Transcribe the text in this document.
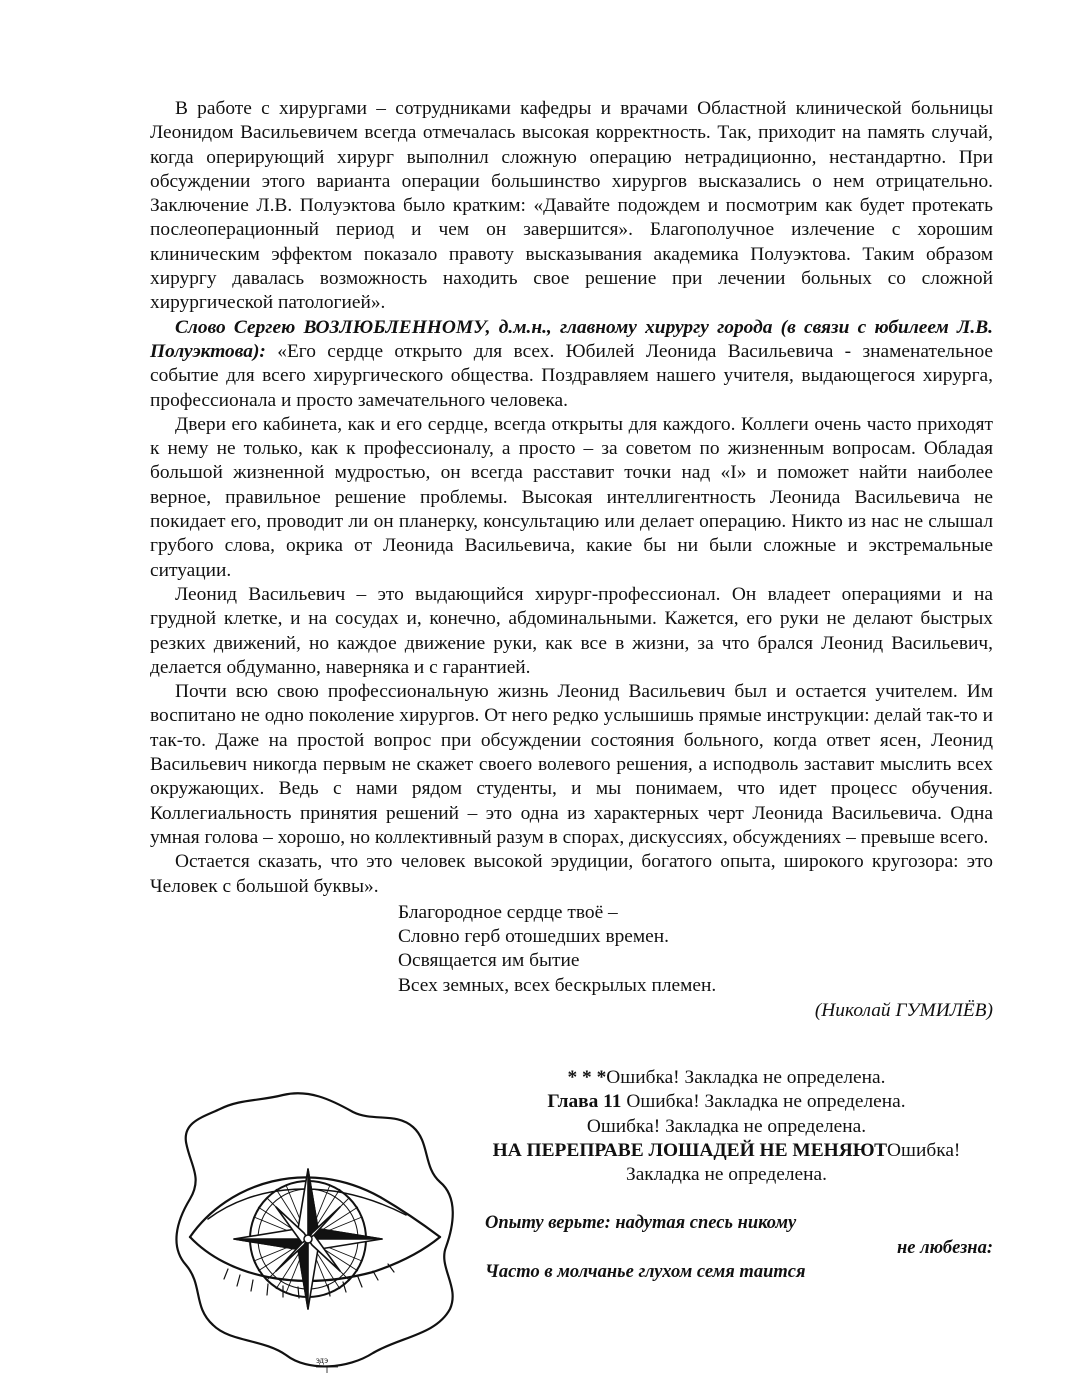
В работе с хирургами – сотрудниками кафедры и врачами Областной клинической больницы Леонидом Васильевичем всегда отмечалась высокая корректность. Так, приходит на память случай, когда оперирующий хирург выполнил сложную операцию нетрадиционно, нестандартно. При обсуждении этого варианта операции большинство хирургов высказались о нем отрицательно. Заключение Л.В. Полуэктова было кратким: «Давайте подождем и посмотрим как будет протекать послеоперационный период и чем он завершится». Благополучное излечение с хорошим клиническим эффектом показало правоту высказывания академика Полуэктова. Таким образом хирургу давалась возможность находить свое решение при лечении больных со сложной хирургической патологией».

Слово Сергею ВОЗЛЮБЛЕННОМУ, д.м.н., главному хирургу города (в связи с юбилеем Л.В. Полуэктова): «Его сердце открыто для всех. Юбилей Леонида Васильевича - знаменательное событие для всего хирургического общества. Поздравляем нашего учителя, выдающегося хирурга, профессионала и просто замечательного человека.

Двери его кабинета, как и его сердце, всегда открыты для каждого. Коллеги очень часто приходят к нему не только, как к профессионалу, а просто – за советом по жизненным вопросам. Обладая большой жизненной мудростью, он всегда расставит точки над «I» и поможет найти наиболее верное, правильное решение проблемы. Высокая интеллигентность Леонида Васильевича не покидает его, проводит ли он планерку, консультацию или делает операцию. Никто из нас не слышал грубого слова, окрика от Леонида Васильевича, какие бы ни были сложные и экстремальные ситуации.

Леонид Васильевич – это выдающийся хирург-профессионал. Он владеет операциями и на грудной клетке, и на сосудах и, конечно, абдоминальными. Кажется, его руки не делают быстрых резких движений, но каждое движение руки, как все в жизни, за что брался Леонид Васильевич, делается обдуманно, наверняка и с гарантией.

Почти всю свою профессиональную жизнь Леонид Васильевич был и остается учителем. Им воспитано не одно поколение хирургов. От него редко услышишь прямые инструкции: делай так-то и так-то. Даже на простой вопрос при обсуждении состояния больного, когда ответ ясен, Леонид Васильевич никогда первым не скажет своего волевого решения, а исподволь заставит мыслить всех окружающих. Ведь с нами рядом студенты, и мы понимаем, что идет процесс обучения. Коллегиальность принятия решений – это одна из характерных черт Леонида Васильевича. Одна умная голова – хорошо, но коллективный разум в спорах, дискуссиях, обсуждениях – превыше всего.

Остается сказать, что это человек высокой эрудиции, богатого опыта, широкого кругозора: это Человек с большой буквы».

Благородное сердце твоё –
Словно герб отошедших времен.
Освящается им бытие
Всех земных, всех бескрылых племен.
(Николай ГУМИЛЁВ)
* * *Ошибка! Закладка не определена.
Глава 11 Ошибка! Закладка не определена.
Ошибка! Закладка не определена.
НА ПЕРЕПРАВЕ ЛОШАДЕЙ НЕ МЕНЯЮТОшибка!
Закладка не определена.
Опыту верьте: надутая спесь никому
не любезна:
Часто в молчанье глухом семя таится
эдэ
